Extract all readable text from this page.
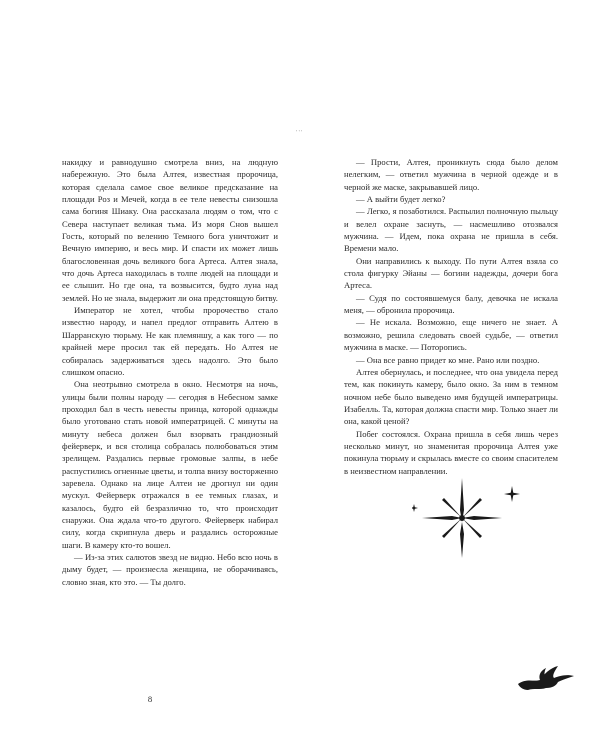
накидку и равнодушно смотрела вниз, на людную набережную. Это была Алтея, известная пророчица, которая сделала самое свое великое предсказание на площади Роз и Мечей, когда в ее теле невесты снизошла сама богиня Шиаку. Она рассказала людям о том, что с Севера наступает великая тьма. Из моря Снов вышел Гость, который по велению Темного бога уничтожит и Вечную империю, и весь мир. И спасти их может лишь благословенная дочь великого бога Артеса. Алтея знала, что дочь Артеса находилась в толпе людей на площади и ее слышит. Но где она, та возвысится, будто луна над землей. Но не знала, выдержит ли она предстоящую битву.

Император не хотел, чтобы пророчество стало известно народу, и напел предлог отправить Алтею в Шарранскую тюрьму. Не как племяншу, а как того — по крайней мере просил так ей передать. Но Алтея не собиралась задерживаться здесь надолго. Это было слишком опасно.

Она неотрывно смотрела в окно. Несмотря на ночь, улицы были полны народу — сегодня в Небесном замке проходил бал в честь невесты принца, которой однажды было уготовано стать новой императрицей. С минуты на минуту небеса должен был взорвать грандиозный фейерверк, и вся столица собралась полюбоваться этим зрелищем. Раздались первые громовые залпы, в небе распустились огненные цветы, и толпа внизу восторженно заревела. Однако на лице Алтеи не дрогнул ни один мускул. Фейерверк отражался в ее темных глазах, и казалось, будто ей безразлично то, что происходит снаружи. Она ждала что-то другого. Фейерверк набирал силу, когда скрипнула дверь и раздались осторожные шаги. В камеру кто-то вошел.

— Из-за этих салютов звезд не видно. Небо всю ночь в дыму будет, — произнесла женщина, не оборачиваясь, словно зная, кто это. — Ты долго.

8
' ' '

— Прости, Алтея, проникнуть сюда было делом нелегким, — ответил мужчина в черной одежде и в черной же маске, закрывавшей лицо.

— А выйти будет легко?

— Легко, я позаботился. Распылил полночную пыльцу и велел охране заснуть, — насмешливо отозвался мужчина. — Идем, пока охрана не пришла в себя. Времени мало.

Они направились к выходу. По пути Алтея взяла со стола фигурку Эйаны — богини надежды, дочери бога Артеса.

— Судя по состоявшемуся балу, девочка не искала меня, — обронила пророчица.

— Не искала. Возможно, еще ничего не знает. А возможно, решила следовать своей судьбе, — ответил мужчина в маске. — Поторопись.

— Она все равно придет ко мне. Рано или поздно.

Алтея обернулась, и последнее, что она увидела перед тем, как покинуть камеру, было окно. За ним в темном ночном небе было выведено имя будущей императрицы. Изабелль. Та, которая должна спасти мир. Только знает ли она, какой ценой?

Побег состоялся. Охрана пришла в себя лишь через несколько минут, но знаменитая пророчица Алтея уже покинула тюрьму и скрылась вместе со своим спасителем в неизвестном направлении.
